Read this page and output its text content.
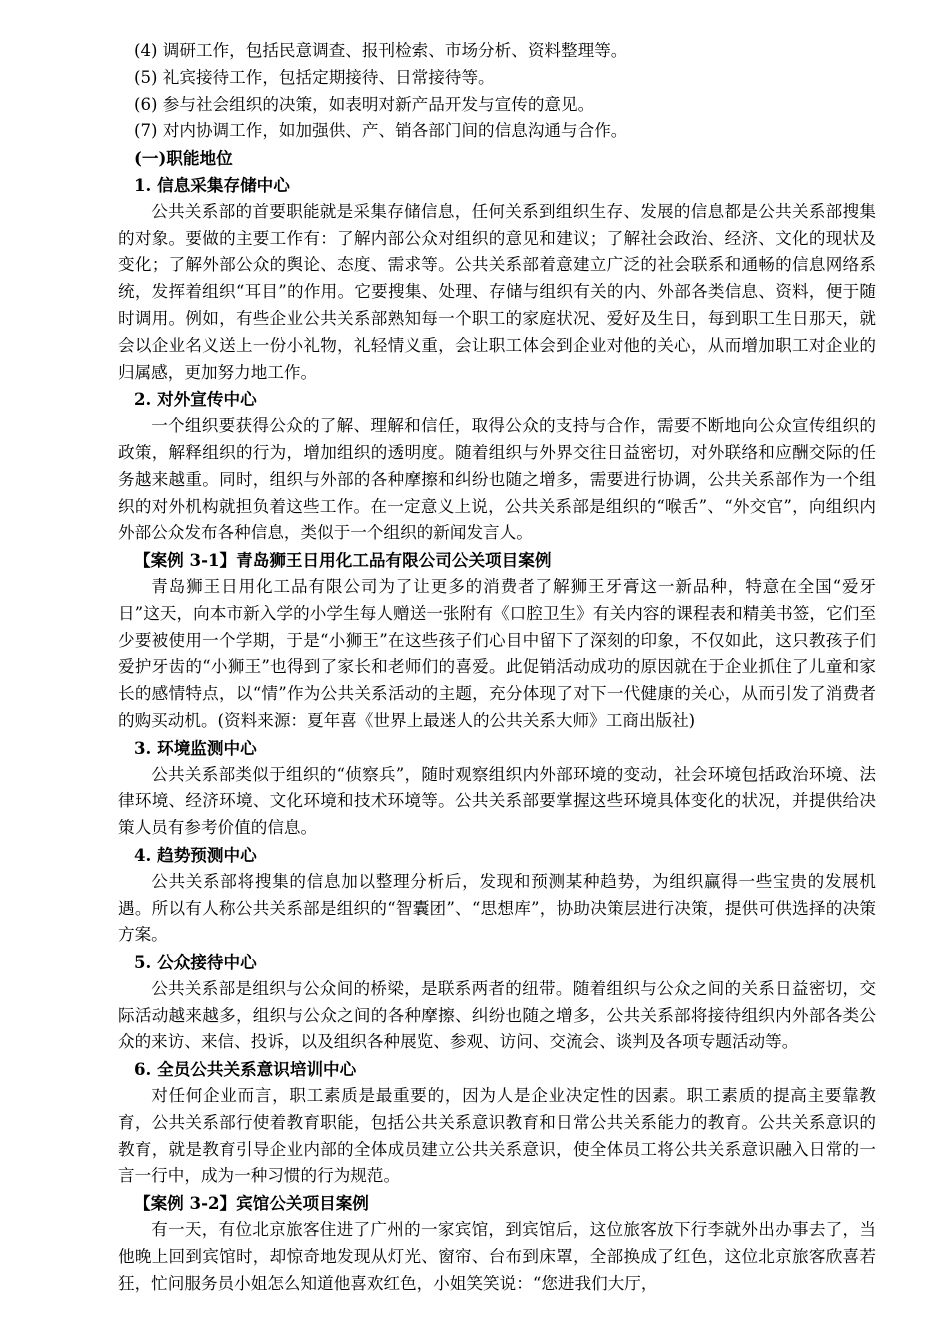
(4) 调研工作，包括民意调查、报刊检索、市场分析、资料整理等。
(5) 礼宾接待工作，包括定期接待、日常接待等。
(6) 参与社会组织的决策，如表明对新产品开发与宣传的意见。
(7) 对内协调工作，如加强供、产、销各部门间的信息沟通与合作。
(一)职能地位
1. 信息采集存储中心

公共关系部的首要职能就是采集存储信息，任何关系到组织生存、发展的信息都是公共关系部搜集的对象。要做的主要工作有：了解内部公众对组织的意见和建议；了解社会政治、经济、文化的现状及变化；了解外部公众的舆论、态度、需求等。公共关系部着意建立广泛的社会联系和通畅的信息网络系统，发挥着组织“耳目”的作用。它要搜集、处理、存储与组织有关的内、外部各类信息、资料，便于随时调用。例如，有些企业公共关系部熟知每一个职工的家庭状况、爱好及生日，每到职工生日那天，就会以企业名义送上一份小礼物，礼轻情义重，会让职工体会到企业对他的关心，从而增加职工对企业的归属感，更加努力地工作。

2. 对外宣传中心

一个组织要获得公众的了解、理解和信任，取得公众的支持与合作，需要不断地向公众宣传组织的政策，解释组织的行为，增加组织的透明度。随着组织与外界交往日益密切，对外联络和应酬交际的任务越来越重。同时，组织与外部的各种摩擦和纠纷也随之增多，需要进行协调，公共关系部作为一个组织的对外机构就担负着这些工作。在一定意义上说，公共关系部是组织的“喉舌”、“外交官”，向组织内外部公众发布各种信息，类似于一个组织的新闻发言人。

【案例 3-1】青岛狮王日用化工品有限公司公关项目案例

青岛狮王日用化工品有限公司为了让更多的消费者了解狮王牙膏这一新品种，特意在全国“爱牙日”这天，向本市新入学的小学生每人赠送一张附有《口腔卫生》有关内容的课程表和精美书签，它们至少要被使用一个学期，于是“小狮王”在这些孩子们心目中留下了深刻的印象，不仅如此，这只教孩子们爱护牙齿的“小狮王”也得到了家长和老师们的喜爱。此促销活动成功的原因就在于企业抓住了儿童和家长的感情特点，以“情”作为公共关系活动的主题，充分体现了对下一代健康的关心，从而引发了消费者的购买动机。(资料来源：夏年喜《世界上最迷人的公共关系大师》工商出版社)

3. 环境监测中心

公共关系部类似于组织的“侦察兵”，随时观察组织内外部环境的变动，社会环境包括政治环境、法律环境、经济环境、文化环境和技术环境等。公共关系部要掌握这些环境具体变化的状况，并提供给决策人员有参考价值的信息。

4. 趋势预测中心

公共关系部将搜集的信息加以整理分析后，发现和预测某种趋势，为组织赢得一些宝贵的发展机遇。所以有人称公共关系部是组织的“智囊团”、“思想库”，协助决策层进行决策，提供可供选择的决策方案。

5. 公众接待中心

公共关系部是组织与公众间的桥梁，是联系两者的纽带。随着组织与公众之间的关系日益密切，交际活动越来越多，组织与公众之间的各种摩擦、纠纷也随之增多，公共关系部将接待组织内外部各类公众的来访、来信、投诉，以及组织各种展览、参观、访问、交流会、谈判及各项专题活动等。

6. 全员公共关系意识培训中心

对任何企业而言，职工素质是最重要的，因为人是企业决定性的因素。职工素质的提高主要靠教育，公共关系部行使着教育职能，包括公共关系意识教育和日常公共关系能力的教育。公共关系意识的教育，就是教育引导企业内部的全体成员建立公共关系意识，使全体员工将公共关系意识融入日常的一言一行中，成为一种习惯的行为规范。

【案例 3-2】宾馆公关项目案例

有一天，有位北京旅客住进了广州的一家宾馆，到宾馆后，这位旅客放下行李就外出办事去了，当他晚上回到宾馆时，却惊奇地发现从灯光、窗帘、台布到床罩，全部换成了红色，这位北京旅客欣喜若狂，忙问服务员小姐怎么知道他喜欢红色，小姐笑笑说：“您进我们大厅，
